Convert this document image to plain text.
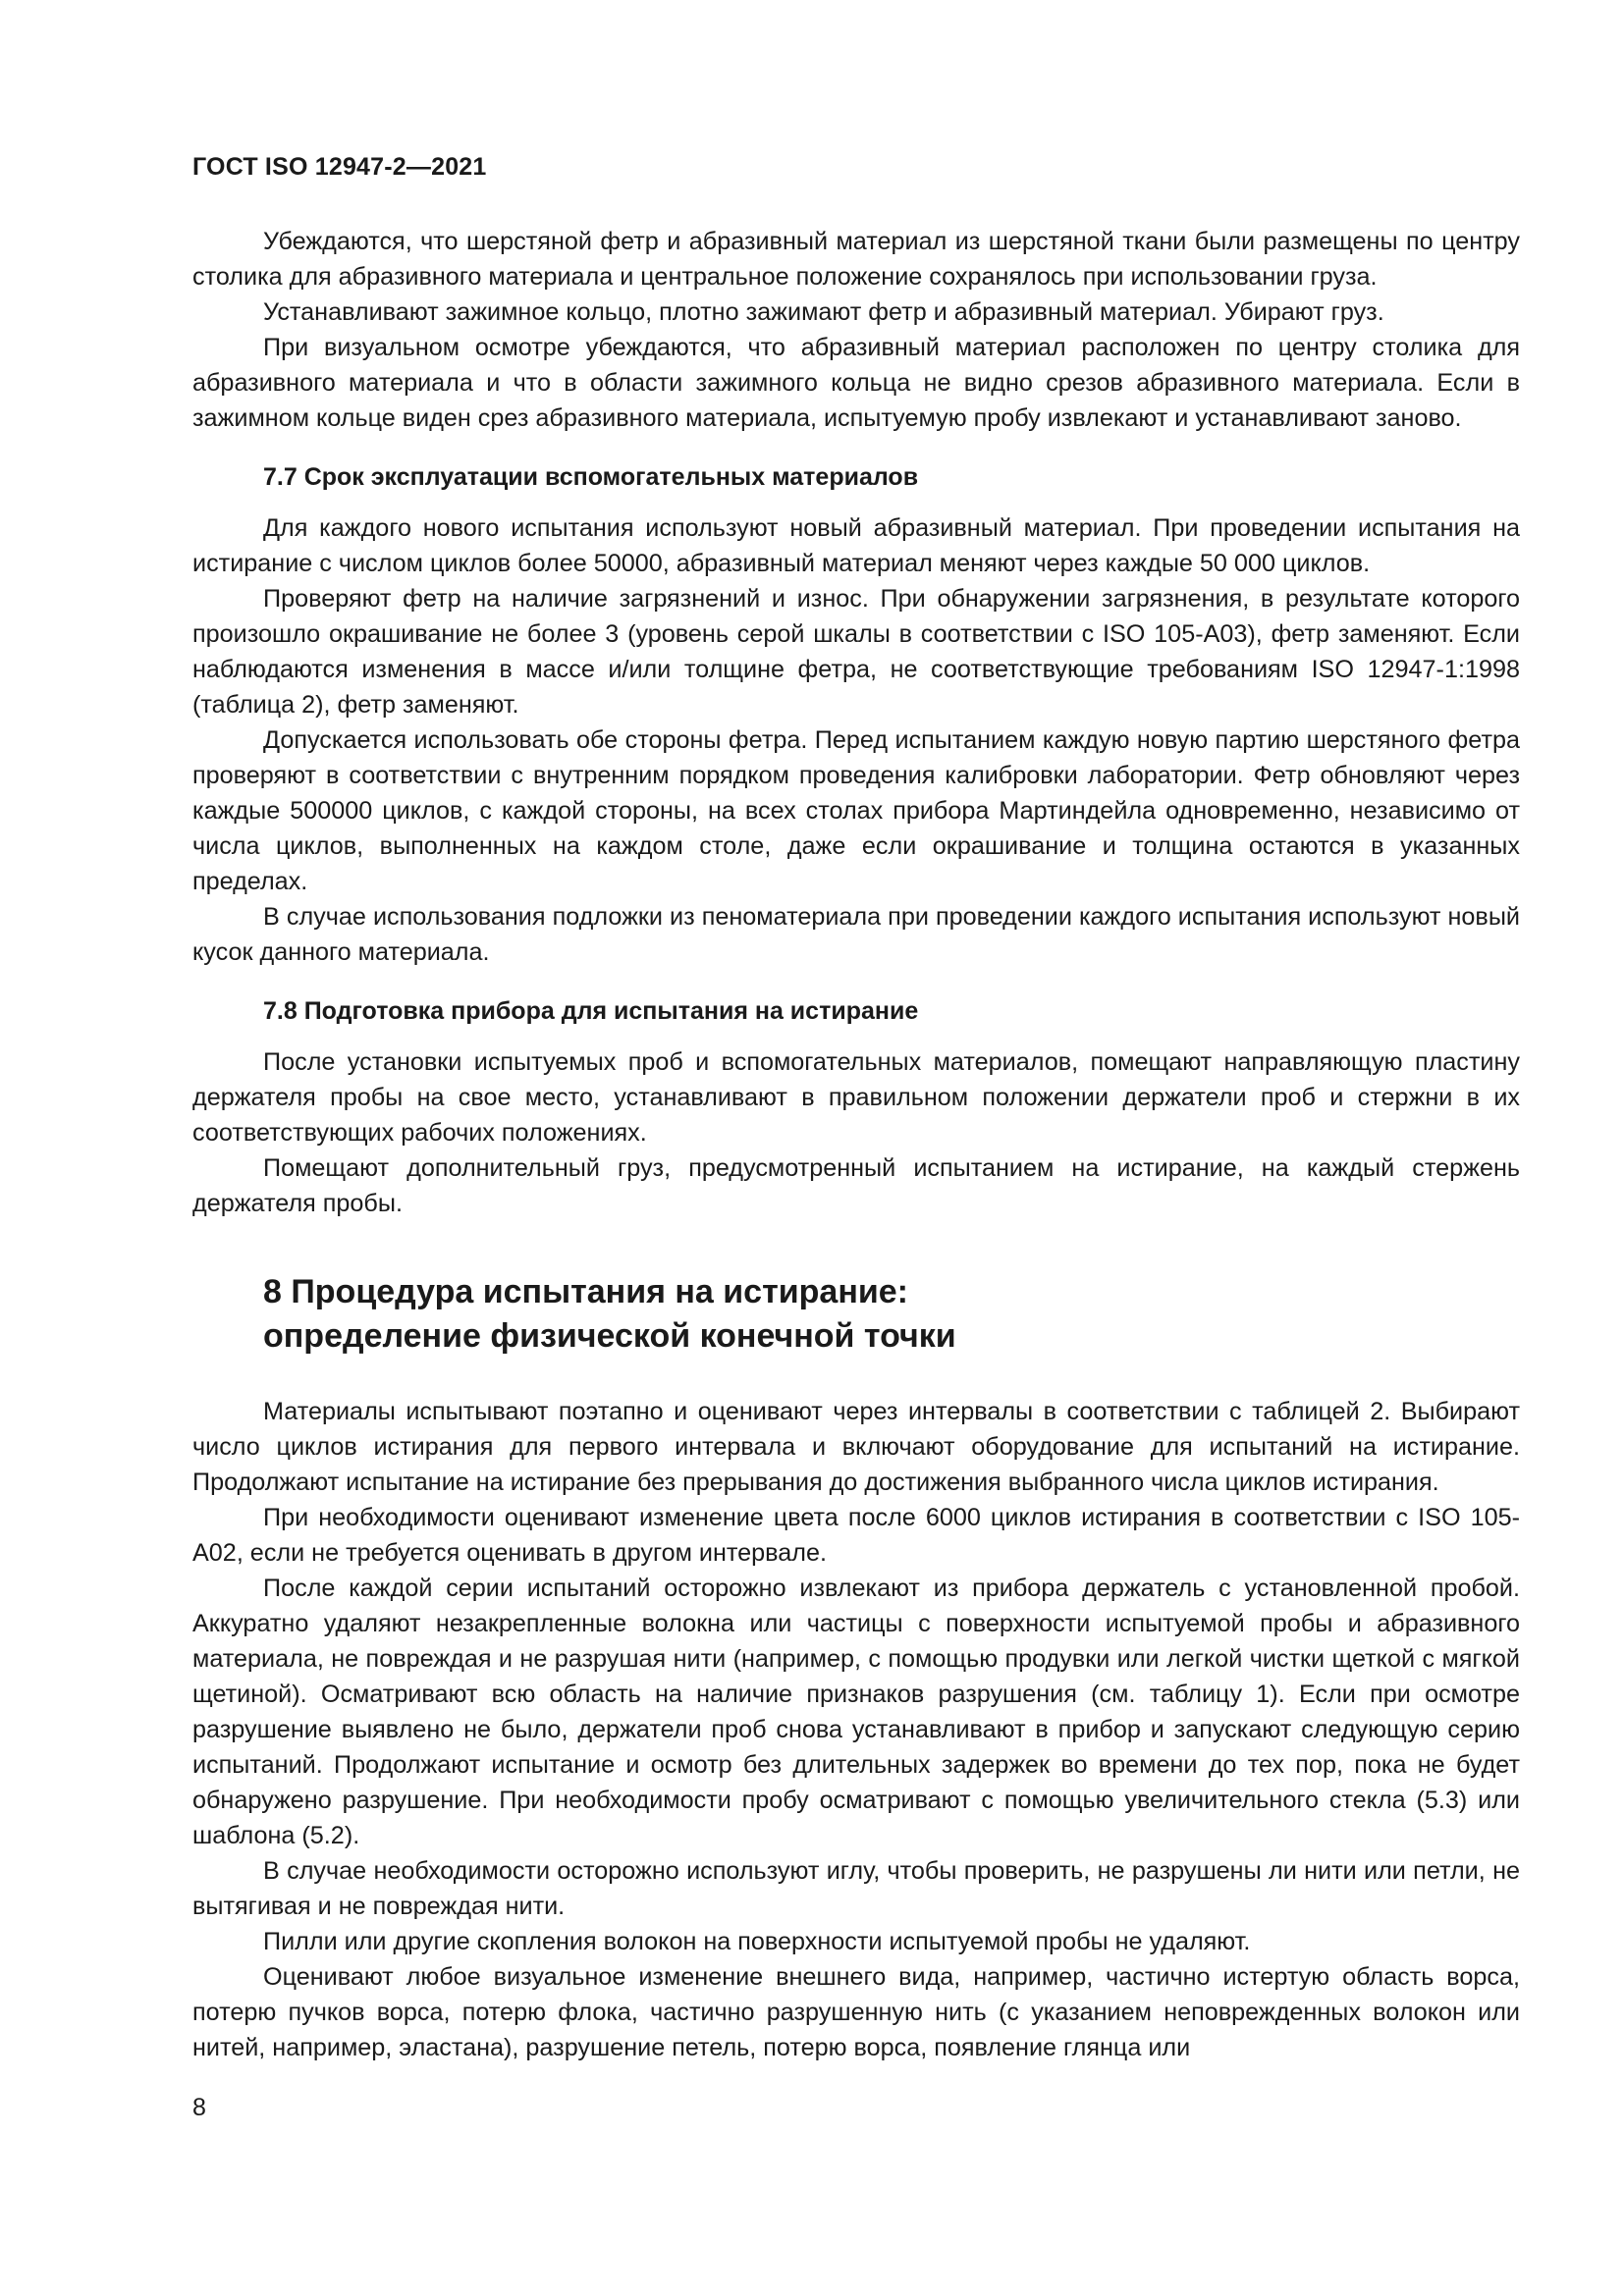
ГОСТ ISO 12947-2—2021

Убеждаются, что шерстяной фетр и абразивный материал из шерстяной ткани были размещены по центру столика для абразивного материала и центральное положение сохранялось при использовании груза.

Устанавливают зажимное кольцо, плотно зажимают фетр и абразивный материал. Убирают груз.

При визуальном осмотре убеждаются, что абразивный материал расположен по центру столика для абразивного материала и что в области зажимного кольца не видно срезов абразивного материала. Если в зажимном кольце виден срез абразивного материала, испытуемую пробу извлекают и устанавливают заново.

7.7 Срок эксплуатации вспомогательных материалов

Для каждого нового испытания используют новый абразивный материал. При проведении испытания на истирание с числом циклов более 50000, абразивный материал меняют через каждые 50 000 циклов.

Проверяют фетр на наличие загрязнений и износ. При обнаружении загрязнения, в результате которого произошло окрашивание не более 3 (уровень серой шкалы в соответствии с ISO 105-A03), фетр заменяют. Если наблюдаются изменения в массе и/или толщине фетра, не соответствующие требованиям ISO 12947-1:1998 (таблица 2), фетр заменяют.

Допускается использовать обе стороны фетра. Перед испытанием каждую новую партию шерстяного фетра проверяют в соответствии с внутренним порядком проведения калибровки лаборатории. Фетр обновляют через каждые 500000 циклов, с каждой стороны, на всех столах прибора Мартиндейла одновременно, независимо от числа циклов, выполненных на каждом столе, даже если окрашивание и толщина остаются в указанных пределах.

В случае использования подложки из пеноматериала при проведении каждого испытания используют новый кусок данного материала.

7.8 Подготовка прибора для испытания на истирание

После установки испытуемых проб и вспомогательных материалов, помещают направляющую пластину держателя пробы на свое место, устанавливают в правильном положении держатели проб и стержни в их соответствующих рабочих положениях.

Помещают дополнительный груз, предусмотренный испытанием на истирание, на каждый стержень держателя пробы.

8 Процедура испытания на истирание:
определение физической конечной точки

Материалы испытывают поэтапно и оценивают через интервалы в соответствии с таблицей 2. Выбирают число циклов истирания для первого интервала и включают оборудование для испытаний на истирание. Продолжают испытание на истирание без прерывания до достижения выбранного числа циклов истирания.

При необходимости оценивают изменение цвета после 6000 циклов истирания в соответствии с ISO 105-A02, если не требуется оценивать в другом интервале.

После каждой серии испытаний осторожно извлекают из прибора держатель с установленной пробой. Аккуратно удаляют незакрепленные волокна или частицы с поверхности испытуемой пробы и абразивного материала, не повреждая и не разрушая нити (например, с помощью продувки или легкой чистки щеткой с мягкой щетиной). Осматривают всю область на наличие признаков разрушения (см. таблицу 1). Если при осмотре разрушение выявлено не было, держатели проб снова устанавливают в прибор и запускают следующую серию испытаний. Продолжают испытание и осмотр без длительных задержек во времени до тех пор, пока не будет обнаружено разрушение. При необходимости пробу осматривают с помощью увеличительного стекла (5.3) или шаблона (5.2).

В случае необходимости осторожно используют иглу, чтобы проверить, не разрушены ли нити или петли, не вытягивая и не повреждая нити.

Пилли или другие скопления волокон на поверхности испытуемой пробы не удаляют.

Оценивают любое визуальное изменение внешнего вида, например, частично истертую область ворса, потерю пучков ворса, потерю флока, частично разрушенную нить (с указанием неповрежденных волокон или нитей, например, эластана), разрушение петель, потерю ворса, появление глянца или

8
